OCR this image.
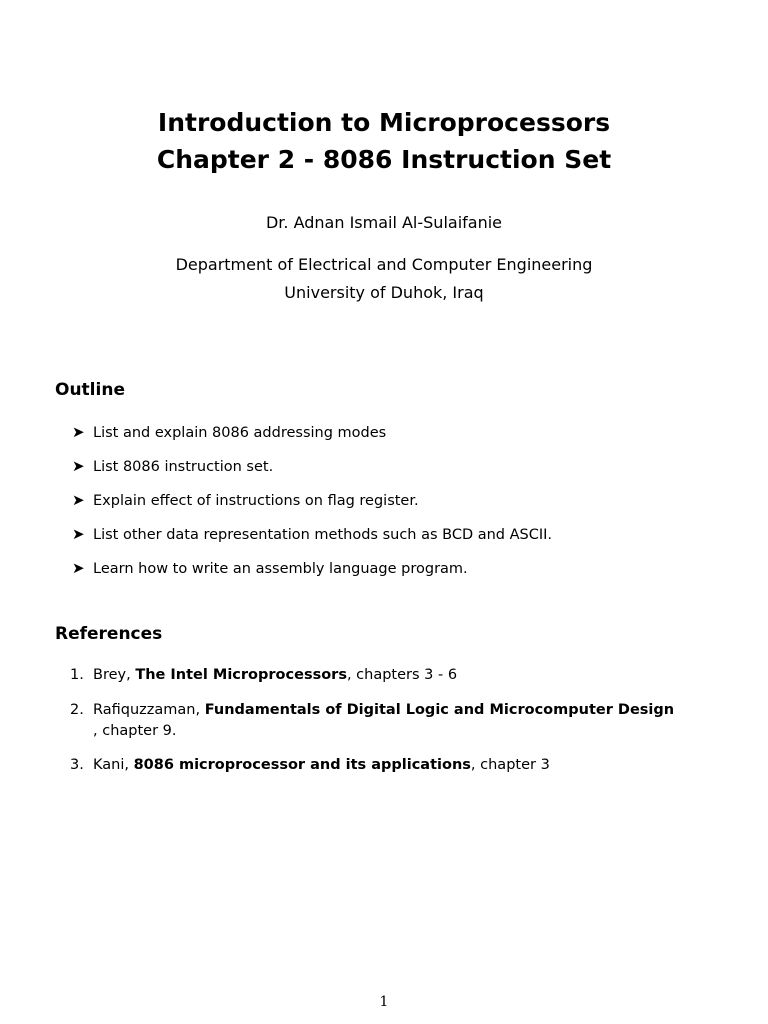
Introduction to Microprocessors
Chapter 2 - 8086 Instruction Set
Dr. Adnan Ismail Al-Sulaifanie
Department of Electrical and Computer Engineering
University of Duhok, Iraq
Outline
➤ List and explain 8086 addressing modes
➤ List 8086 instruction set.
➤ Explain effect of instructions on flag register.
➤ List other data representation methods such as BCD and ASCII.
➤ Learn how to write an assembly language program.
References
1. Brey, The Intel Microprocessors, chapters 3 - 6
2. Rafiquzzaman, Fundamentals of Digital Logic and Microcomputer Design
, chapter 9.
3. Kani, 8086 microprocessor and its applications, chapter 3
1
